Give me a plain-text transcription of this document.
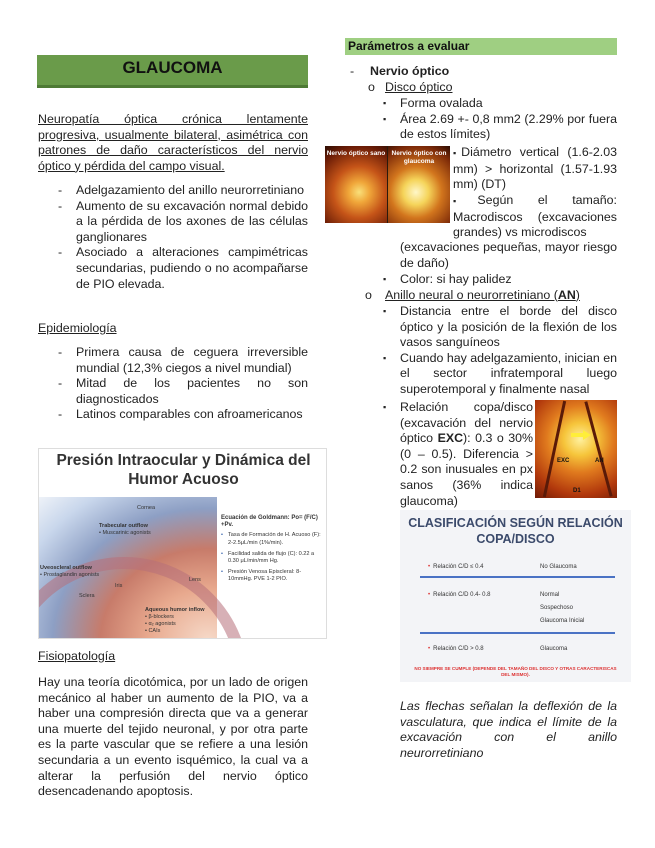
GLAUCOMA

Neuropatía óptica crónica lentamente progresiva, usualmente bilateral, asimétrica con patrones de daño característicos del nervio óptico y pérdida del campo visual.

- Adelgazamiento del anillo neurorretiniano
- Aumento de su excavación normal debido a la pérdida de los axones de las células ganglionares
- Asociado a alteraciones campimétricas secundarias, pudiendo o no acompañarse de PIO elevada.
Epidemiología
- Primera causa de ceguera irreversible mundial (12,3% ciegos a nivel mundial)
- Mitad de los pacientes no son diagnosticados
- Latinos comparables con afroamericanos
Presión Intraocular y Dinámica del Humor Acuoso
Cornea
Trabecular outflow
• Muscarinic agonists
Uveoscleral outflow
• Prostaglandin agonists
Sclera
Iris
Lens
Aqueous humor inflow
• β-blockers
• α₂ agonists
• CAIs
Ecuación de Goldmann: Po= (F/C) +Pv.
• Tasa de Formación de H. Acuoso (F): 2-2.5μL/min (1%/min).
• Facilidad salida de flujo (C): 0.22 a 0.30 μL/min/mm Hg.
• Presión Venosa Episcleral: 8-10mmHg. PVE 1-2 PIO.
Fisiopatología

Hay una teoría dicotómica, por un lado de origen mecánico al haber un aumento de la PIO, va a haber una compresión directa que va a generar una muerte del tejido neuronal, y por otra parte es la parte vascular que se refiere a una lesión secundaria a un evento isquémico, la cual va a alterar la perfusión del nervio óptico desencadenando apoptosis.

Parámetros a evaluar
- Nervio óptico
o Disco óptico
▪ Forma ovalada
▪ Área 2.69 +- 0,8 mm2 (2.29% por fuera de estos límites)
Nervio óptico sano Nervio óptico con glaucoma

▪Diámetro vertical (1.6-2.03 mm) > horizontal (1.57-1.93 mm) (DT)

▪Según el tamaño: Macrodiscos (excavaciones grandes) vs microdiscos

(excavaciones pequeñas, mayor riesgo de daño)

▪ Color: si hay palidez
o Anillo neural o neurorretiniano (AN)
▪ Distancia entre el borde del disco óptico y la posición de la flexión de los vasos sanguíneos
▪ Cuando hay adelgazamiento, inician en el sector infratemporal luego superotemporal y finalmente nasal
▪ Relación copa/disco (excavación del nervio óptico EXC): 0.3 o 30%(0 – 0.5). Diferencia > 0.2 son inusuales en px sanos (36% indica glaucoma)
EXC	AN
D1
CLASIFICACIÓN SEGÚN RELACIÓN COPA/DISCO
• Relación C/D ≤ 0.4	No Glaucoma
• Relación C/D 0.4- 0.8	Normal
Sospechoso
Glaucoma Inicial
• Relación C/D > 0.8	Glaucoma
NO SIEMPRE SE CUMPLE (DEPENDE DEL TAMAÑO DEL DISCO Y OTRAS CARACTERISCAS DEL MISMO).

Las flechas señalan la deflexión de la vasculatura, que indica el límite de la excavación con el anillo neurorretiniano
